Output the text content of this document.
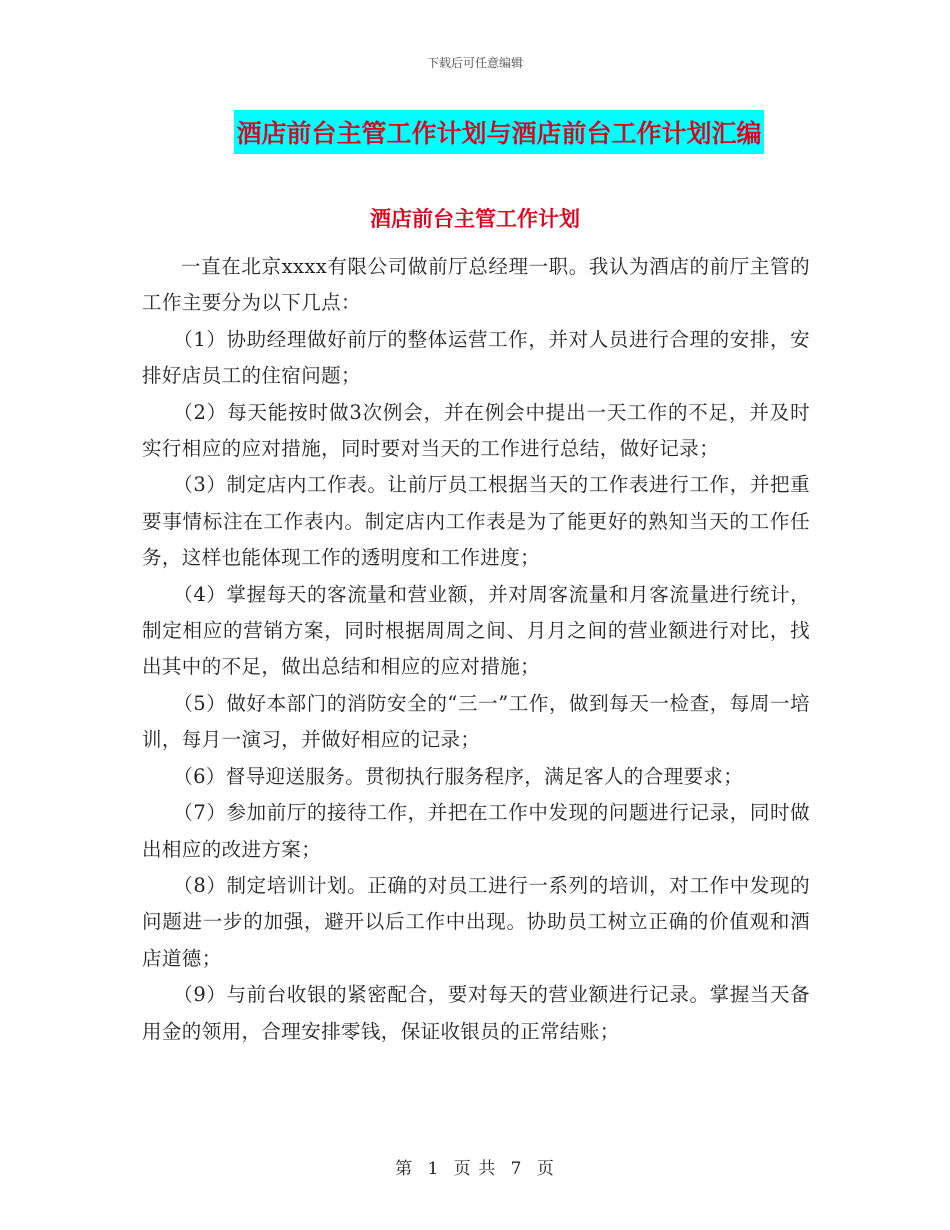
下载后可任意编辑
酒店前台主管工作计划与酒店前台工作计划汇编
酒店前台主管工作计划

一直在北京xxxx有限公司做前厅总经理一职。我认为酒店的前厅主管的工作主要分为以下几点：

（1）协助经理做好前厅的整体运营工作，并对人员进行合理的安排，安排好店员工的住宿问题；

（2）每天能按时做3次例会，并在例会中提出一天工作的不足，并及时实行相应的应对措施，同时要对当天的工作进行总结，做好记录；

（3）制定店内工作表。让前厅员工根据当天的工作表进行工作，并把重要事情标注在工作表内。制定店内工作表是为了能更好的熟知当天的工作任务，这样也能体现工作的透明度和工作进度；

（4）掌握每天的客流量和营业额，并对周客流量和月客流量进行统计，制定相应的营销方案，同时根据周周之间、月月之间的营业额进行对比，找出其中的不足，做出总结和相应的应对措施；

（5）做好本部门的消防安全的“三一”工作，做到每天一检查，每周一培训，每月一演习，并做好相应的记录；

（6）督导迎送服务。贯彻执行服务程序，满足客人的合理要求；

（7）参加前厅的接待工作，并把在工作中发现的问题进行记录，同时做出相应的改进方案；

（8）制定培训计划。正确的对员工进行一系列的培训，对工作中发现的问题进一步的加强，避开以后工作中出现。协助员工树立正确的价值观和酒店道德；

（9）与前台收银的紧密配合，要对每天的营业额进行记录。掌握当天备用金的领用，合理安排零钱，保证收银员的正常结账；

第 1 页 共 7 页
